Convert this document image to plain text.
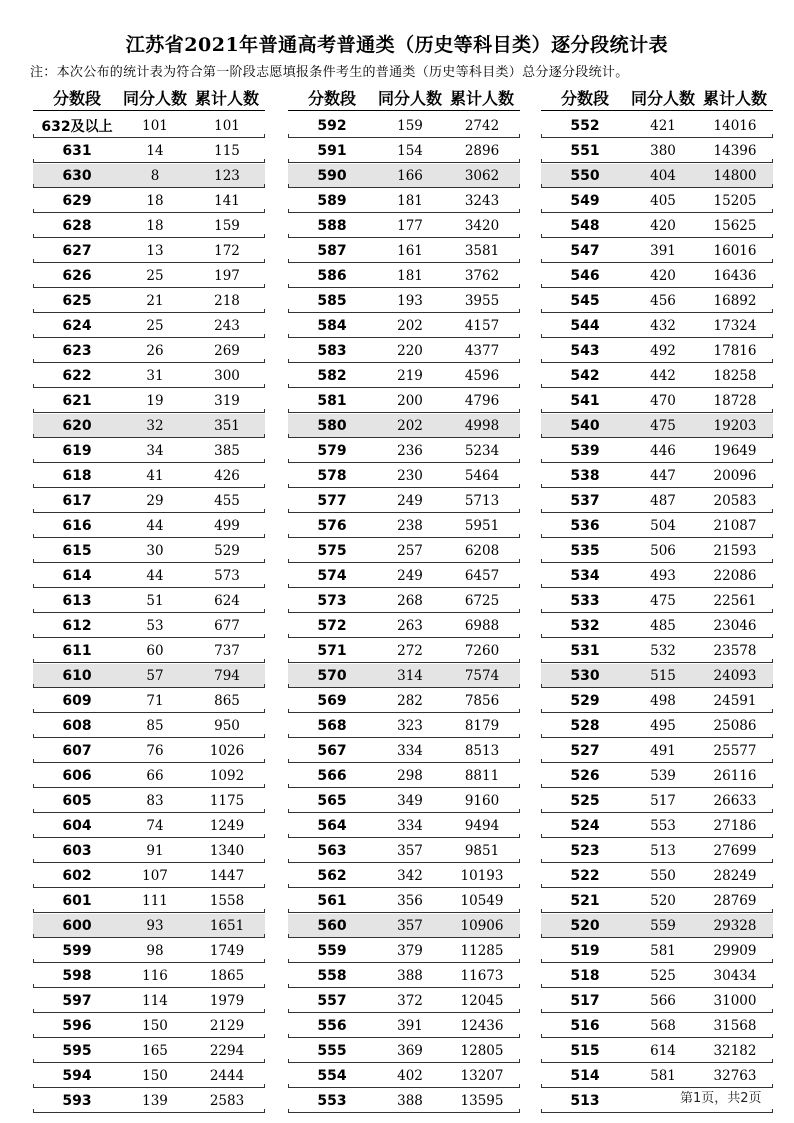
江苏省2021年普通高考普通类（历史等科目类）逐分段统计表
注：本次公布的统计表为符合第一阶段志愿填报条件考生的普通类（历史等科目类）总分逐分段统计。
分数段	同分人数 累计人数
632及以上	101	101
631	14	115
630	8	123
629	18	141
628	18	159
627	13	172
626	25	197
625	21	218
624	25	243
623	26	269
622	31	300
621	19	319
620	32	351
619	34	385
618	41	426
617	29	455
616	44	499
615	30	529
614	44	573
613	51	624
612	53	677
611	60	737
610	57	794
609	71	865
608	85	950
607	76	1026
606	66	1092
605	83	1175
604	74	1249
603	91	1340
602	107	1447
601	111	1558
600	93	1651
599	98	1749
598	116	1865
597	114	1979
596	150	2129
595	165	2294
594	150	2444
593	139	2583
分数段	同分人数 累计人数
592	159	2742
591	154	2896
590	166	3062
589	181	3243
588	177	3420
587	161	3581
586	181	3762
585	193	3955
584	202	4157
583	220	4377
582	219	4596
581	200	4796
580	202	4998
579	236	5234
578	230	5464
577	249	5713
576	238	5951
575	257	6208
574	249	6457
573	268	6725
572	263	6988
571	272	7260
570	314	7574
569	282	7856
568	323	8179
567	334	8513
566	298	8811
565	349	9160
564	334	9494
563	357	9851
562	342	10193
561	356	10549
560	357	10906
559	379	11285
558	388	11673
557	372	12045
556	391	12436
555	369	12805
554	402	13207
553	388	13595
分数段	同分人数 累计人数
552	421	14016
551	380	14396
550	404	14800
549	405	15205
548	420	15625
547	391	16016
546	420	16436
545	456	16892
544	432	17324
543	492	17816
542	442	18258
541	470	18728
540	475	19203
539	446	19649
538	447	20096
537	487	20583
536	504	21087
535	506	21593
534	493	22086
533	475	22561
532	485	23046
531	532	23578
530	515	24093
529	498	24591
528	495	25086
527	491	25577
526	539	26116
525	517	26633
524	553	27186
523	513	27699
522	550	28249
521	520	28769
520	559	29328
519	581	29909
518	525	30434
517	566	31000
516	568	31568
515	614	32182
514	581	32763
513	第1页，共2页
